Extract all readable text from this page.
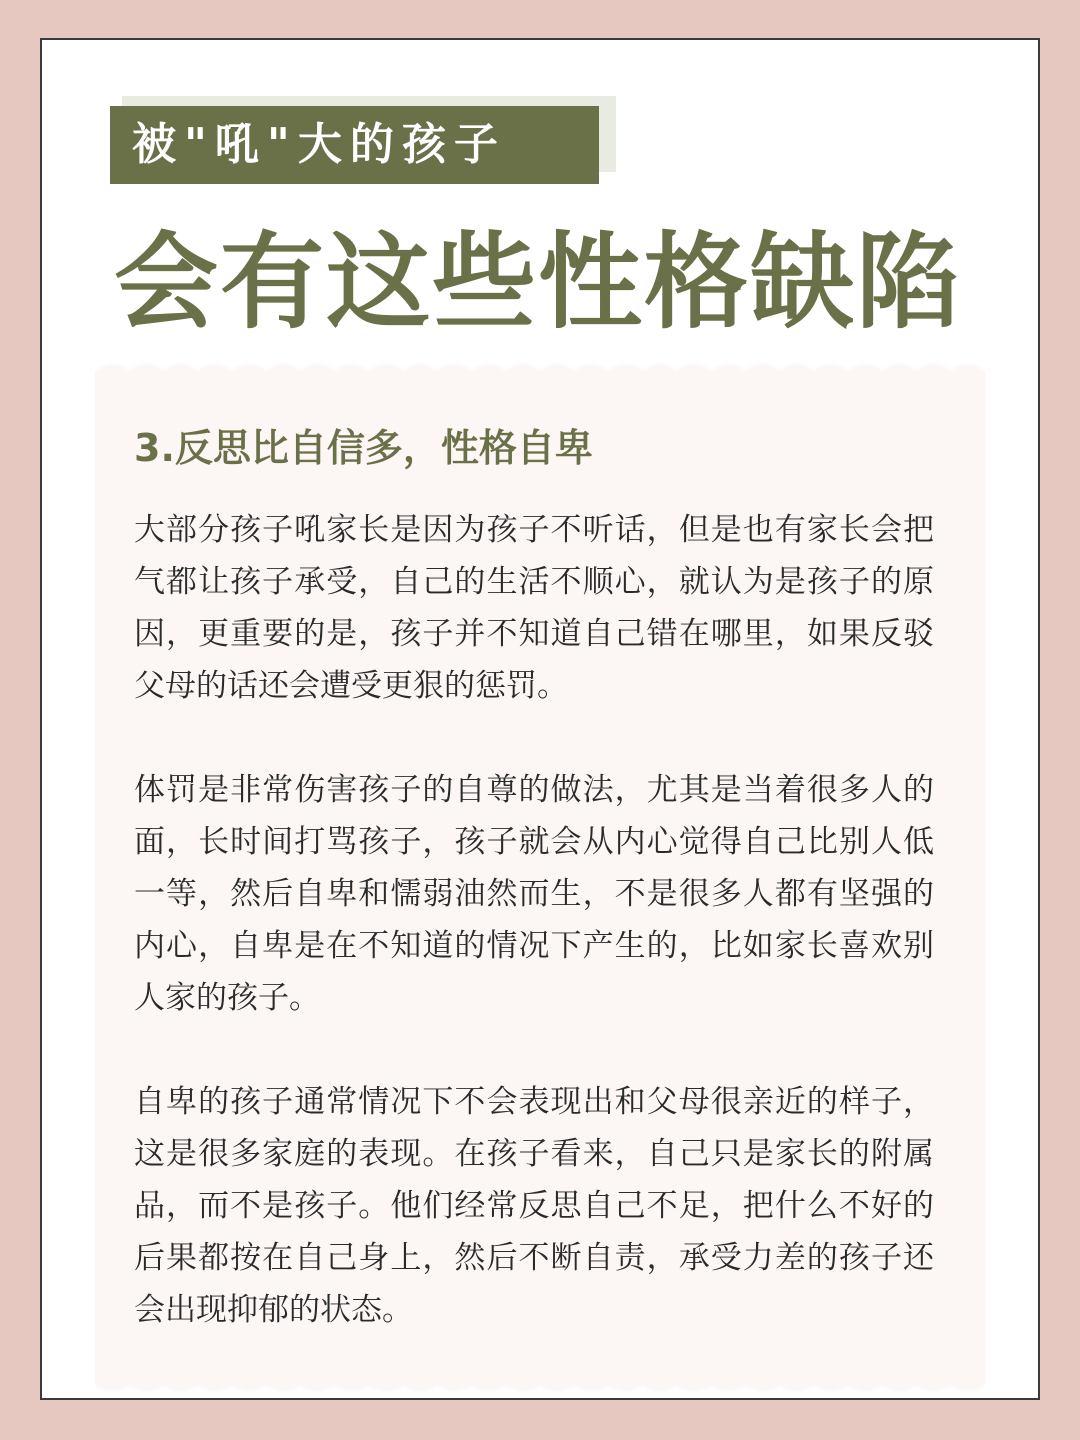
被"吼"大的孩子
会有这些性格缺陷
3.反思比自信多，性格自卑

大部分孩子吼家长是因为孩子不听话，但是也有家长会把气都让孩子承受，自己的生活不顺心，就认为是孩子的原因，更重要的是，孩子并不知道自己错在哪里，如果反驳父母的话还会遭受更狠的惩罚。

体罚是非常伤害孩子的自尊的做法，尤其是当着很多人的面，长时间打骂孩子，孩子就会从内心觉得自己比别人低一等，然后自卑和懦弱油然而生，不是很多人都有坚强的内心，自卑是在不知道的情况下产生的，比如家长喜欢别人家的孩子。

自卑的孩子通常情况下不会表现出和父母很亲近的样子，这是很多家庭的表现。在孩子看来，自己只是家长的附属品，而不是孩子。他们经常反思自己不足，把什么不好的后果都按在自己身上，然后不断自责，承受力差的孩子还会出现抑郁的状态。
